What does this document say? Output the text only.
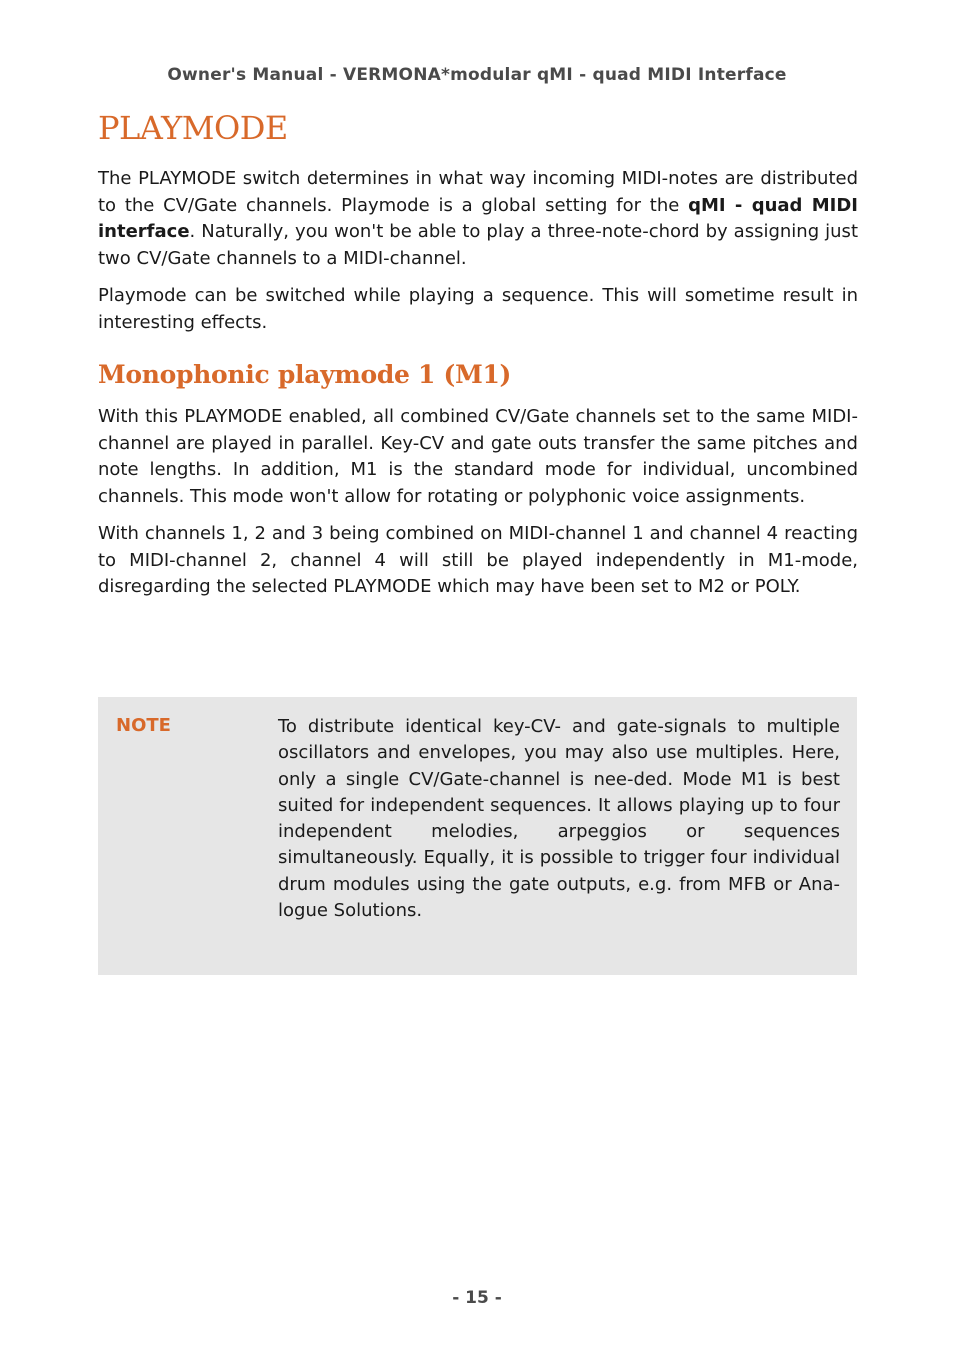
Owner's Manual - VERMONA*modular qMI - quad MIDI Interface
PLAYMODE

The PLAYMODE switch determines in what way incoming MIDI-notes are distributed to the CV/Gate channels. Playmode is a global setting for the qMI - quad MIDI interface. Naturally, you won't be able to play a three-note-chord by assigning just two CV/Gate channels to a MIDI-channel.

Playmode can be switched while playing a sequence. This will sometime result in interesting effects.

Monophonic playmode 1 (M1)

With this PLAYMODE enabled, all combined CV/Gate channels set to the same MIDI-channel are played in parallel. Key-CV and gate outs transfer the same pitches and note lengths. In addition, M1 is the standard mode for individual, uncombined channels. This mode won't allow for rotating or polyphonic voice assignments.

With channels 1, 2 and 3 being combined on MIDI-channel 1 and channel 4 reacting to MIDI-channel 2, channel 4 will still be played independently in M1-mode, disregarding the selected PLAYMODE which may have been set to M2 or POLY.

NOTE	To distribute identical key-CV- and gate-signals to multiple oscillators and envelopes, you may also use multiples. Here, only a single CV/Gate-channel is nee-ded. Mode M1 is best suited for independent sequences. It allows playing up to four independent melodies, arpeggios or sequences simultaneously. Equally, it is possible to trigger four individual drum modules using the gate outputs, e.g. from MFB or Ana-logue Solutions.
- 15 -
